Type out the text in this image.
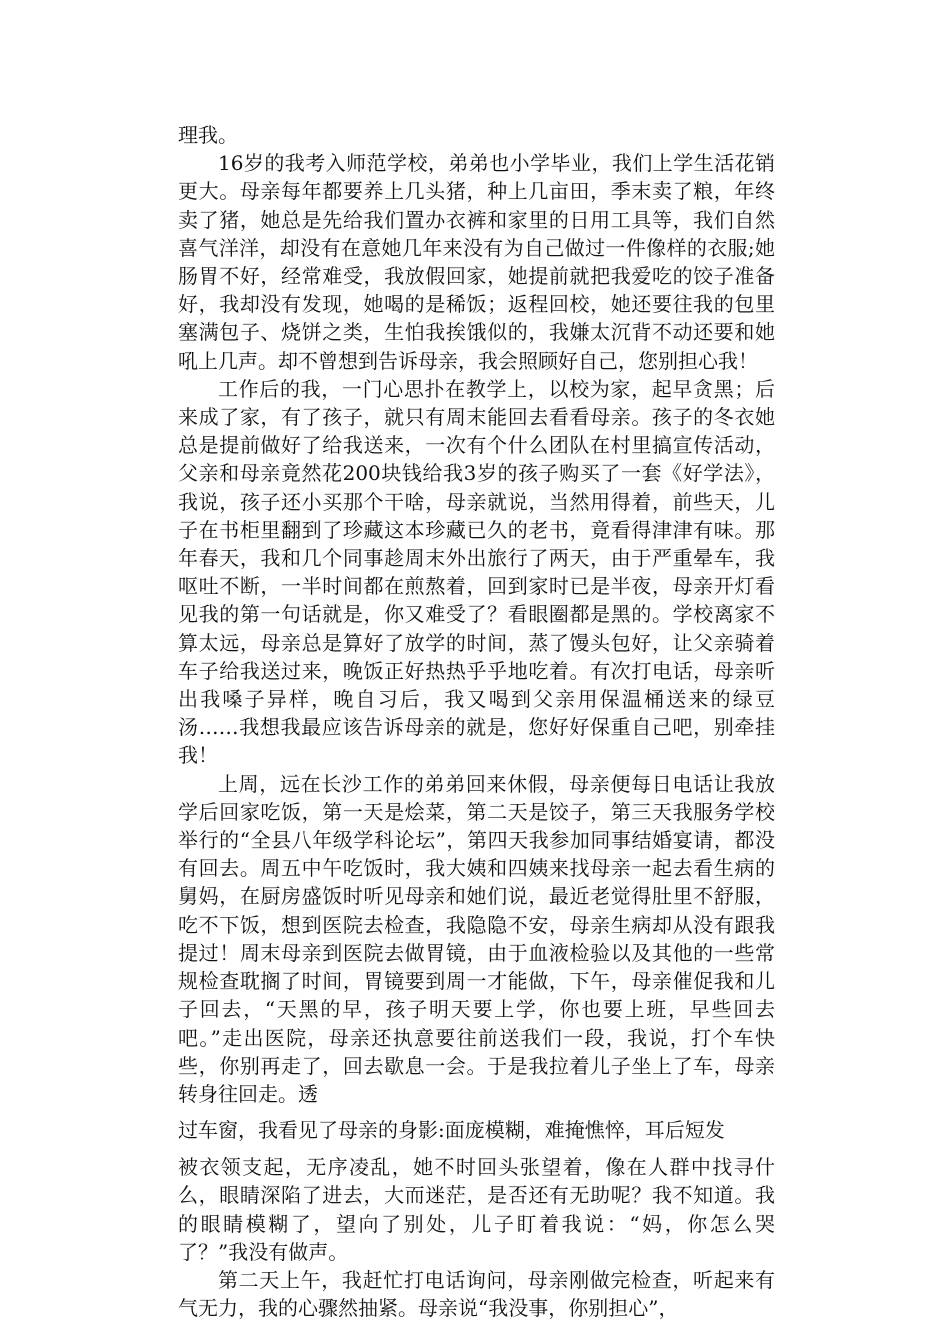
理我。

16岁的我考入师范学校，弟弟也小学毕业，我们上学生活花销更大。母亲每年都要养上几头猪，种上几亩田，季末卖了粮，年终卖了猪，她总是先给我们置办衣裤和家里的日用工具等，我们自然喜气洋洋，却没有在意她几年来没有为自己做过一件像样的衣服;她肠胃不好，经常难受，我放假回家，她提前就把我爱吃的饺子准备好，我却没有发现，她喝的是稀饭；返程回校，她还要往我的包里塞满包子、烧饼之类，生怕我挨饿似的，我嫌太沉背不动还要和她吼上几声。却不曾想到告诉母亲，我会照顾好自己，您别担心我！

工作后的我，一门心思扑在教学上，以校为家，起早贪黑；后来成了家，有了孩子，就只有周末能回去看看母亲。孩子的冬衣她总是提前做好了给我送来，一次有个什么团队在村里搞宣传活动，父亲和母亲竟然花200块钱给我3岁的孩子购买了一套《好学法》，我说，孩子还小买那个干啥，母亲就说，当然用得着，前些天，儿子在书柜里翻到了珍藏这本珍藏已久的老书，竟看得津津有味。那年春天，我和几个同事趁周末外出旅行了两天，由于严重晕车，我呕吐不断，一半时间都在煎熬着，回到家时已是半夜，母亲开灯看见我的第一句话就是，你又难受了？看眼圈都是黑的。学校离家不算太远，母亲总是算好了放学的时间，蒸了馒头包好，让父亲骑着车子给我送过来，晚饭正好热热乎乎地吃着。有次打电话，母亲听出我嗓子异样，晚自习后，我又喝到父亲用保温桶送来的绿豆汤……我想我最应该告诉母亲的就是，您好好保重自己吧，别牵挂我！

上周，远在长沙工作的弟弟回来休假，母亲便每日电话让我放学后回家吃饭，第一天是烩菜，第二天是饺子，第三天我服务学校举行的“全县八年级学科论坛”，第四天我参加同事结婚宴请，都没有回去。周五中午吃饭时，我大姨和四姨来找母亲一起去看生病的舅妈，在厨房盛饭时听见母亲和她们说，最近老觉得肚里不舒服，吃不下饭，想到医院去检查，我隐隐不安，母亲生病却从没有跟我提过！周末母亲到医院去做胃镜，由于血液检验以及其他的一些常规检查耽搁了时间，胃镜要到周一才能做，下午，母亲催促我和儿子回去，“天黑的早，孩子明天要上学，你也要上班，早些回去吧。”走出医院，母亲还执意要往前送我们一段，我说，打个车快些，你别再走了，回去歇息一会。于是我拉着儿子坐上了车，母亲转身往回走。透

过车窗，我看见了母亲的身影:面庞模糊，难掩憔悴，耳后短发

被衣领支起，无序凌乱，她不时回头张望着，像在人群中找寻什么，眼睛深陷了进去，大而迷茫，是否还有无助呢？我不知道。我的眼睛模糊了，望向了别处，儿子盯着我说：“妈，你怎么哭了？”我没有做声。

第二天上午，我赶忙打电话询问，母亲刚做完检查，听起来有气无力，我的心骤然抽紧。母亲说“我没事，你别担心”，
